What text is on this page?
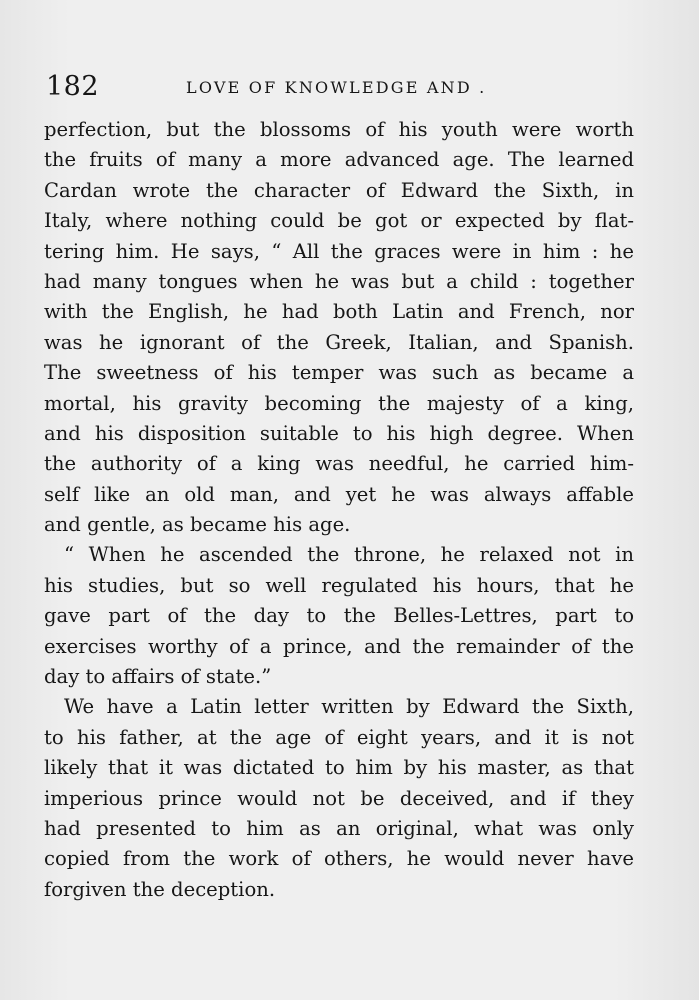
182	LOVE OF KNOWLEDGE AND .
perfection, but the blossoms of his youth were worth
the fruits of many a more advanced age. The learned
Cardan wrote the character of Edward the Sixth, in
Italy, where nothing could be got or expected by flat-
tering him. He says, “ All the graces were in him : he
had many tongues when he was but a child : together
with the English, he had both Latin and French, nor
was he ignorant of the Greek, Italian, and Spanish.
The sweetness of his temper was such as became a
mortal, his gravity becoming the majesty of a king,
and his disposition suitable to his high degree. When
the authority of a king was needful, he carried him-
self like an old man, and yet he was always affable
and gentle, as became his age.
“ When he ascended the throne, he relaxed not in
his studies, but so well regulated his hours, that he
gave part of the day to the Belles-Lettres, part to
exercises worthy of a prince, and the remainder of the
day to affairs of state.”
We have a Latin letter written by Edward the Sixth,
to his father, at the age of eight years, and it is not
likely that it was dictated to him by his master, as that
imperious prince would not be deceived, and if they
had presented to him as an original, what was only
copied from the work of others, he would never have
forgiven the deception.
